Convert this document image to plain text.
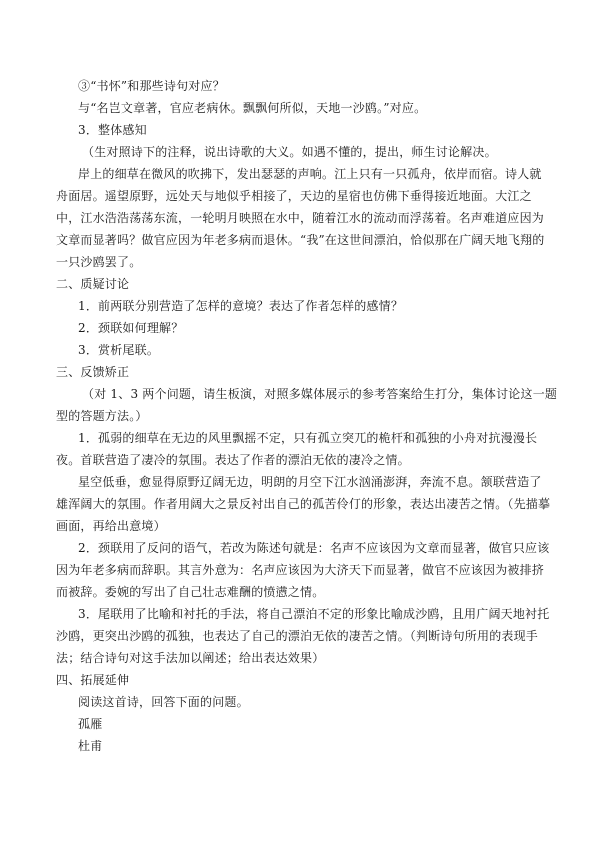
③“书怀”和那些诗句对应？
与“名岂文章著，官应老病休。飘飘何所似，天地一沙鸥。”对应。
3．整体感知
（生对照诗下的注释，说出诗歌的大义。如遇不懂的，提出，师生讨论解决。
岸上的细草在微风的吹拂下，发出瑟瑟的声响。江上只有一只孤舟，依岸而宿。诗人就
舟面居。遥望原野，远处天与地似乎相接了，天边的星宿也仿佛下垂得接近地面。大江之
中，江水浩浩荡荡东流，一轮明月映照在水中，随着江水的流动而浮荡着。名声难道应因为
文章而显著吗？做官应因为年老多病而退休。“我”在这世间漂泊，恰似那在广阔天地飞翔的
一只沙鸥罢了。
二、质疑讨论
1．前两联分别营造了怎样的意境？表达了作者怎样的感情？
2．颈联如何理解？
3．赏析尾联。
三、反馈矫正
（对 1、3 两个问题，请生板演，对照多媒体展示的参考答案给生打分，集体讨论这一题
型的答题方法。）
1．孤弱的细草在无边的风里飘摇不定，只有孤立突兀的桅杆和孤独的小舟对抗漫漫长
夜。首联营造了凄冷的氛围。表达了作者的漂泊无依的凄冷之情。
星空低垂，愈显得原野辽阔无边，明朗的月空下江水汹涌澎湃，奔流不息。颔联营造了
雄浑阔大的氛围。作者用阔大之景反衬出自己的孤苦伶仃的形象，表达出凄苦之情。（先描摹
画面，再给出意境）
2．颈联用了反问的语气，若改为陈述句就是：名声不应该因为文章而显著，做官只应该
因为年老多病而辞职。其言外意为：名声应该因为大济天下而显著，做官不应该因为被排挤
而被辞。委婉的写出了自己壮志难酬的愤懑之情。
3．尾联用了比喻和衬托的手法，将自己漂泊不定的形象比喻成沙鸥，且用广阔天地衬托
沙鸥，更突出沙鸥的孤独，也表达了自己的漂泊无依的凄苦之情。（判断诗句所用的表现手
法；结合诗句对这手法加以阐述；给出表达效果）
四、拓展延伸
阅读这首诗，回答下面的问题。
孤雁
杜甫
